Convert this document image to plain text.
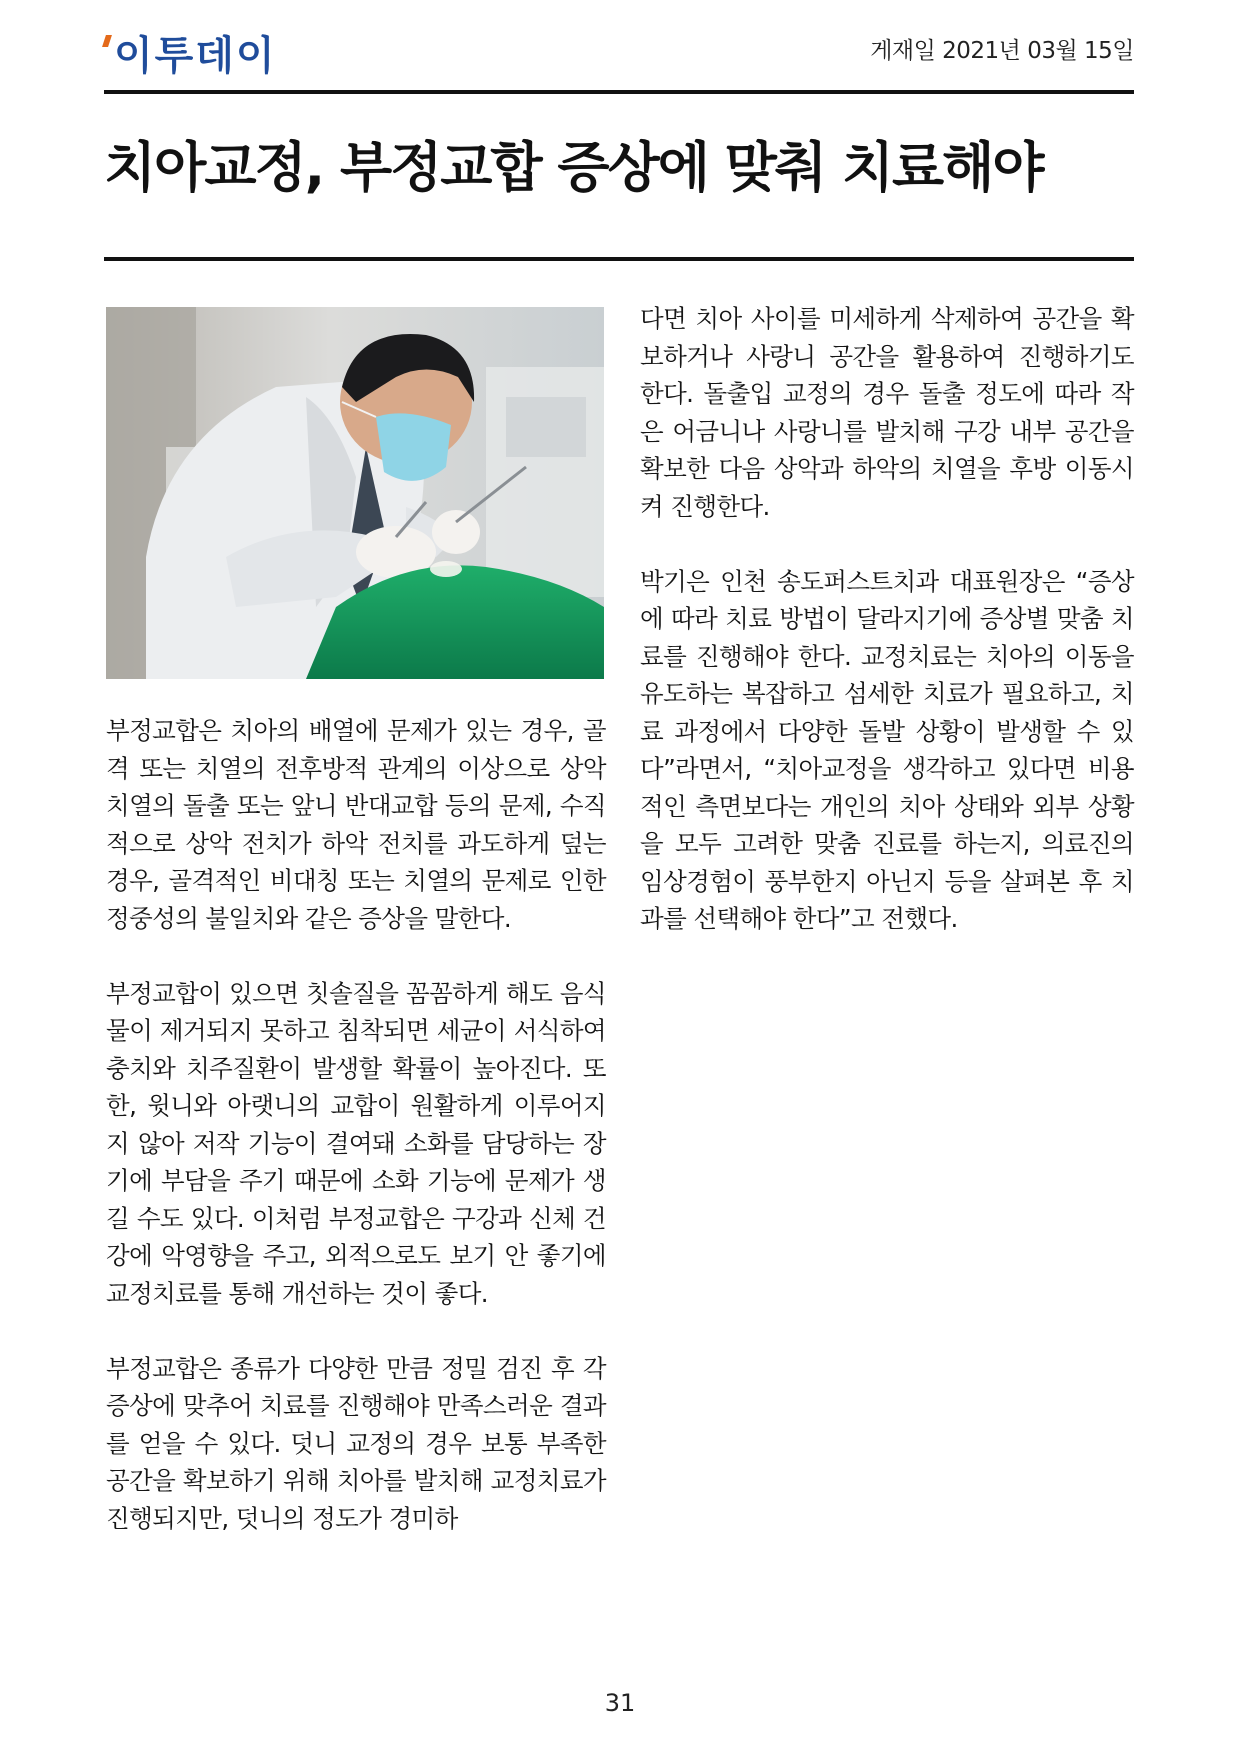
이투데이	게재일 2021년 03월 15일
치아교정, 부정교합 증상에 맞춰 치료해야

부정교합은 치아의 배열에 문제가 있는 경우, 골격 또는 치열의 전후방적 관계의 이상으로 상악 치열의 돌출 또는 앞니 반대교합 등의 문제, 수직적으로 상악 전치가 하악 전치를 과도하게 덮는 경우, 골격적인 비대칭 또는 치열의 문제로 인한 정중성의 불일치와 같은 증상을 말한다.

부정교합이 있으면 칫솔질을 꼼꼼하게 해도 음식물이 제거되지 못하고 침착되면 세균이 서식하여 충치와 치주질환이 발생할 확률이 높아진다. 또한, 윗니와 아랫니의 교합이 원활하게 이루어지지 않아 저작 기능이 결여돼 소화를 담당하는 장기에 부담을 주기 때문에 소화 기능에 문제가 생길 수도 있다. 이처럼 부정교합은 구강과 신체 건강에 악영향을 주고, 외적으로도 보기 안 좋기에 교정치료를 통해 개선하는 것이 좋다.

부정교합은 종류가 다양한 만큼 정밀 검진 후 각 증상에 맞추어 치료를 진행해야 만족스러운 결과를 얻을 수 있다. 덧니 교정의 경우 보통 부족한 공간을 확보하기 위해 치아를 발치해 교정치료가 진행되지만, 덧니의 정도가 경미하

다면 치아 사이를 미세하게 삭제하여 공간을 확보하거나 사랑니 공간을 활용하여 진행하기도 한다. 돌출입 교정의 경우 돌출 정도에 따라 작은 어금니나 사랑니를 발치해 구강 내부 공간을 확보한 다음 상악과 하악의 치열을 후방 이동시켜 진행한다.

박기은 인천 송도퍼스트치과 대표원장은 “증상에 따라 치료 방법이 달라지기에 증상별 맞춤 치료를 진행해야 한다. 교정치료는 치아의 이동을 유도하는 복잡하고 섬세한 치료가 필요하고, 치료 과정에서 다양한 돌발 상황이 발생할 수 있다”라면서, “치아교정을 생각하고 있다면 비용적인 측면보다는 개인의 치아 상태와 외부 상황을 모두 고려한 맞춤 진료를 하는지, 의료진의 임상경험이 풍부한지 아닌지 등을 살펴본 후 치과를 선택해야 한다”고 전했다.

31
